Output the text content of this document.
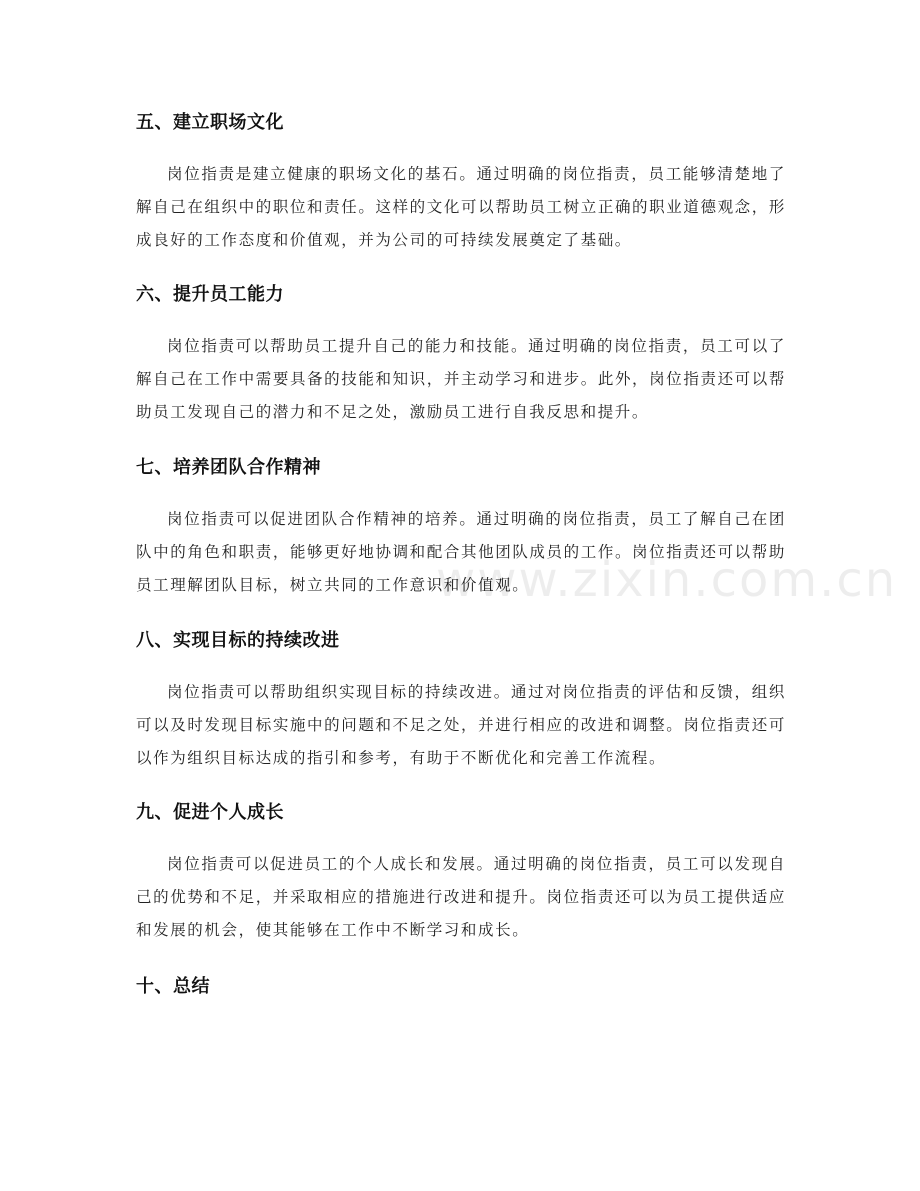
五、建立职场文化

岗位指责是建立健康的职场文化的基石。通过明确的岗位指责，员工能够清楚地了解自己在组织中的职位和责任。这样的文化可以帮助员工树立正确的职业道德观念，形成良好的工作态度和价值观，并为公司的可持续发展奠定了基础。

六、提升员工能力

岗位指责可以帮助员工提升自己的能力和技能。通过明确的岗位指责，员工可以了解自己在工作中需要具备的技能和知识，并主动学习和进步。此外，岗位指责还可以帮助员工发现自己的潜力和不足之处，激励员工进行自我反思和提升。

七、培养团队合作精神

岗位指责可以促进团队合作精神的培养。通过明确的岗位指责，员工了解自己在团队中的角色和职责，能够更好地协调和配合其他团队成员的工作。岗位指责还可以帮助员工理解团队目标，树立共同的工作意识和价值观。

八、实现目标的持续改进

岗位指责可以帮助组织实现目标的持续改进。通过对岗位指责的评估和反馈，组织可以及时发现目标实施中的问题和不足之处，并进行相应的改进和调整。岗位指责还可以作为组织目标达成的指引和参考，有助于不断优化和完善工作流程。

九、促进个人成长

岗位指责可以促进员工的个人成长和发展。通过明确的岗位指责，员工可以发现自己的优势和不足，并采取相应的措施进行改进和提升。岗位指责还可以为员工提供适应和发展的机会，使其能够在工作中不断学习和成长。

十、总结
www.zixin.com.cn
